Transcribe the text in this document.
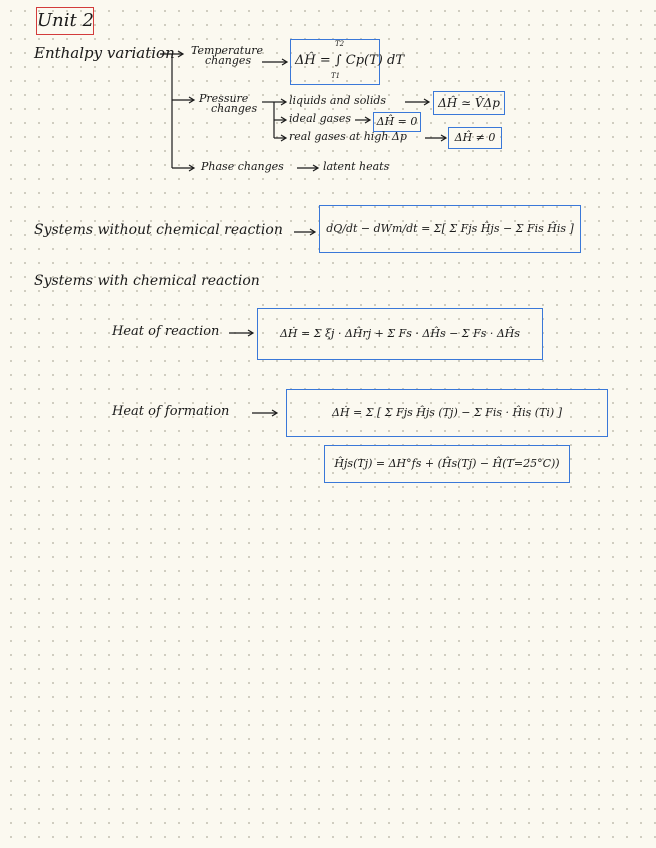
Unit 2
Enthalpy variation Temperature
changes	ΔĤ = ∫ Cp(T) dT
T2
T1
Pressure
changes
liquids and solids	ΔĤ ≃ V̂Δp
ideal gases	ΔĤ = 0
real gases at high Δp	ΔĤ ≠ 0
Phase changes	latent heats
Systems without chemical reaction	dQ/dt − dWm/dt = Σ[ Σ Fjs Ĥjs − Σ Fis Ĥis ]
Systems with chemical reaction
Heat of reaction	ΔḢ = Σ ξj · ΔĤrj + Σ Fs · ΔĤs − Σ Fs · ΔĤs
Heat of formation	ΔḢ = Σ [ Σ Fjs Ĥjs (Tj) − Σ Fis · Ĥis (Ti) ]
Ĥjs(Tj) = ΔH°fs + (Ĥs(Tj) − Ĥ(T=25°C))
